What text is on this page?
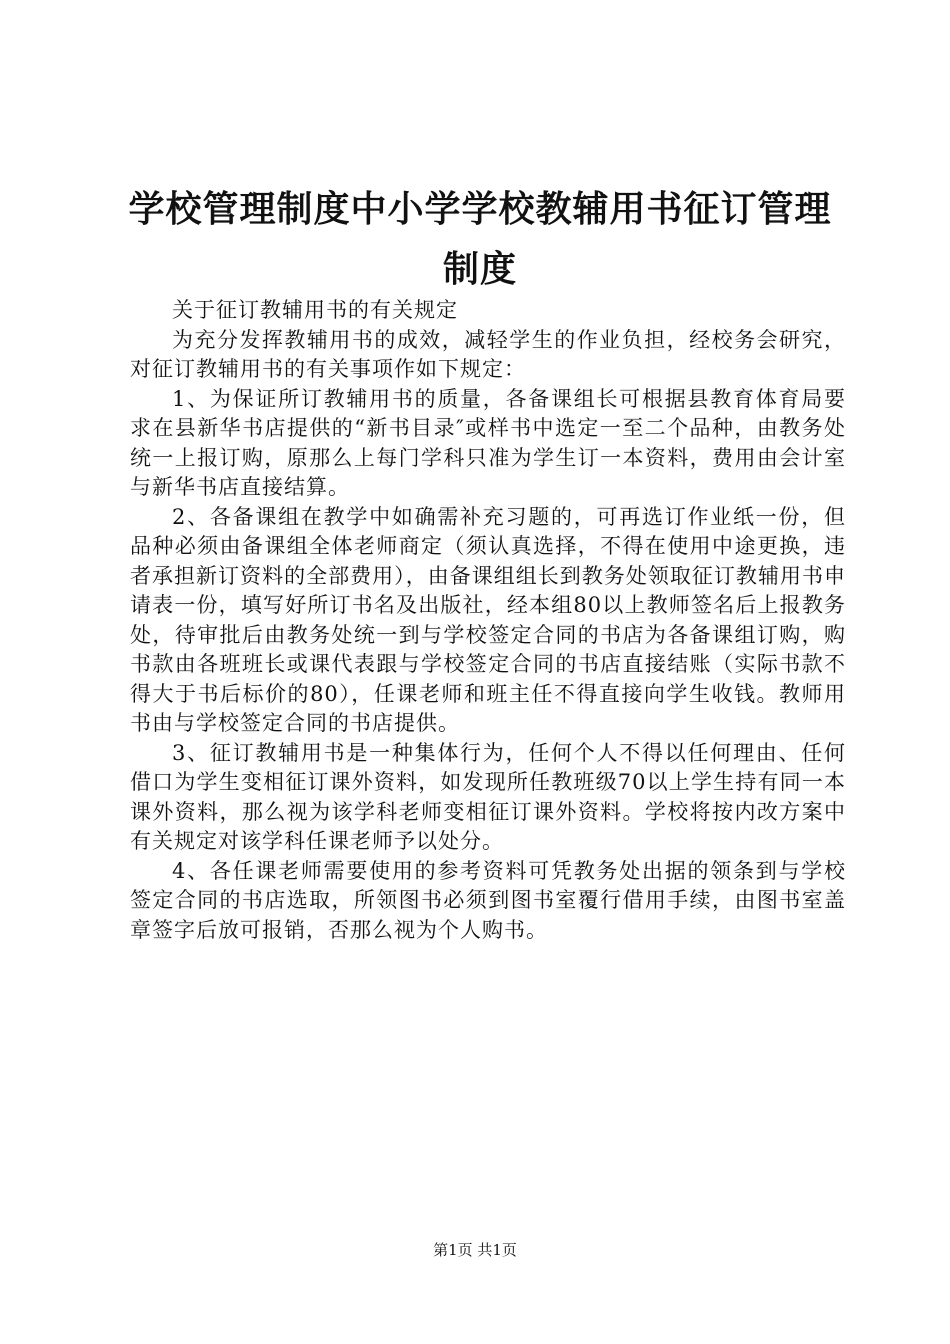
学校管理制度中小学学校教辅用书征订管理制度

关于征订教辅用书的有关规定

为充分发挥教辅用书的成效，减轻学生的作业负担，经校务会研究，对征订教辅用书的有关事项作如下规定：

1、为保证所订教辅用书的质量，各备课组长可根据县教育体育局要求在县新华书店提供的“新书目录″或样书中选定一至二个品种，由教务处统一上报订购，原那么上每门学科只准为学生订一本资料，费用由会计室与新华书店直接结算。

2、各备课组在教学中如确需补充习题的，可再选订作业纸一份，但品种必须由备课组全体老师商定（须认真选择，不得在使用中途更换，违者承担新订资料的全部费用），由备课组组长到教务处领取征订教辅用书申请表一份，填写好所订书名及出版社，经本组80以上教师签名后上报教务处，待审批后由教务处统一到与学校签定合同的书店为各备课组订购，购书款由各班班长或课代表跟与学校签定合同的书店直接结账（实际书款不得大于书后标价的80），任课老师和班主任不得直接向学生收钱。教师用书由与学校签定合同的书店提供。

3、征订教辅用书是一种集体行为，任何个人不得以任何理由、任何借口为学生变相征订课外资料，如发现所任教班级70以上学生持有同一本课外资料，那么视为该学科老师变相征订课外资料。学校将按内改方案中有关规定对该学科任课老师予以处分。

4、各任课老师需要使用的参考资料可凭教务处出据的领条到与学校签定合同的书店选取，所领图书必须到图书室覆行借用手续，由图书室盖章签字后放可报销，否那么视为个人购书。

第1页 共1页
